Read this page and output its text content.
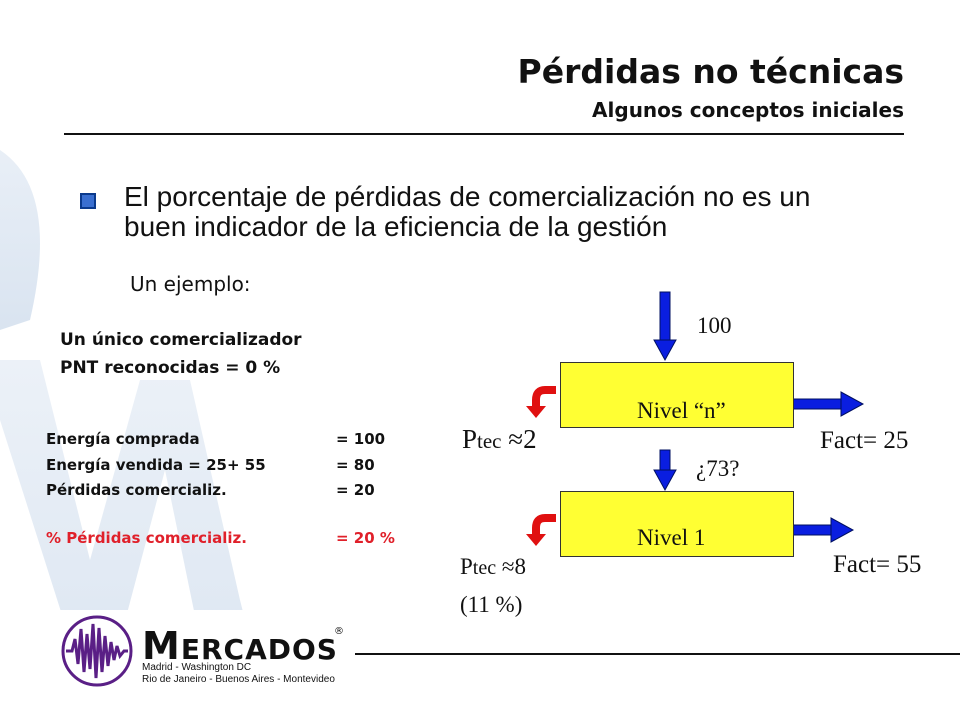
Pérdidas no técnicas
Algunos conceptos iniciales
El porcentaje de pérdidas de comercialización no es un
buen indicador de la eficiencia de la gestión
Un ejemplo:
Un único comercializador
PNT reconocidas = 0 %
Energía comprada	= 100
Energía vendida = 25+ 55	= 80
Pérdidas comercializ.	= 20
% Pérdidas comercializ.	= 20 %
100
Nivel “n”
¿73?
Nivel 1
Ptec ≈2
Ptec ≈8
(11 %)
Fact= 25
Fact= 55
MERCADOS
®
Madrid - Washington DC
Rio de Janeiro - Buenos Aires - Montevideo
